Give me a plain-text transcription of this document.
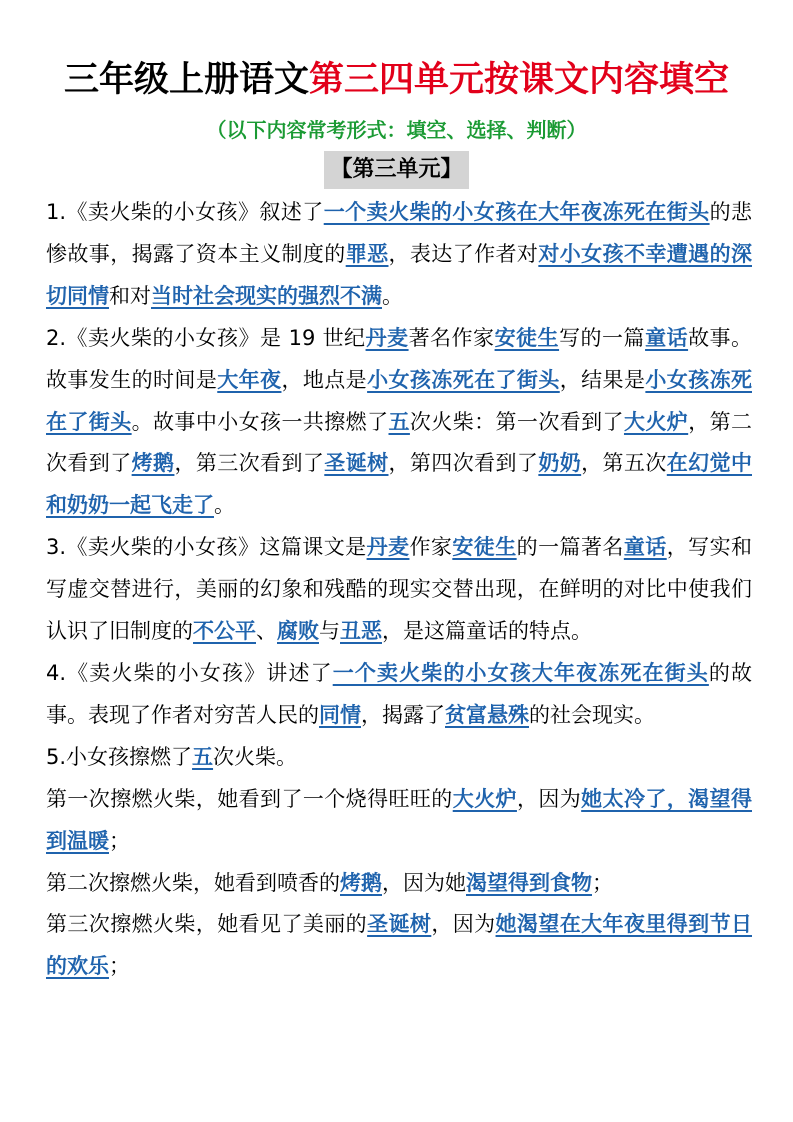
三年级上册语文第三四单元按课文内容填空
（以下内容常考形式：填空、选择、判断）
【第三单元】

1.《卖火柴的小女孩》叙述了一个卖火柴的小女孩在大年夜冻死在街头的悲惨故事，揭露了资本主义制度的罪恶，表达了作者对对小女孩不幸遭遇的深切同情和对当时社会现实的强烈不满。

2.《卖火柴的小女孩》是 19 世纪丹麦著名作家安徒生写的一篇童话故事。故事发生的时间是大年夜，地点是小女孩冻死在了街头，结果是小女孩冻死在了街头。故事中小女孩一共擦燃了五次火柴：第一次看到了大火炉，第二次看到了烤鹅，第三次看到了圣诞树，第四次看到了奶奶，第五次在幻觉中和奶奶一起飞走了。

3.《卖火柴的小女孩》这篇课文是丹麦作家安徒生的一篇著名童话，写实和写虚交替进行，美丽的幻象和残酷的现实交替出现，在鲜明的对比中使我们认识了旧制度的不公平、腐败与丑恶，是这篇童话的特点。

4.《卖火柴的小女孩》讲述了一个卖火柴的小女孩大年夜冻死在街头的故事。表现了作者对穷苦人民的同情，揭露了贫富悬殊的社会现实。

5.小女孩擦燃了五次火柴。

第一次擦燃火柴，她看到了一个烧得旺旺的大火炉，因为她太冷了，渴望得到温暖；

第二次擦燃火柴，她看到喷香的烤鹅，因为她渴望得到食物；

第三次擦燃火柴，她看见了美丽的圣诞树，因为她渴望在大年夜里得到节日的欢乐；
